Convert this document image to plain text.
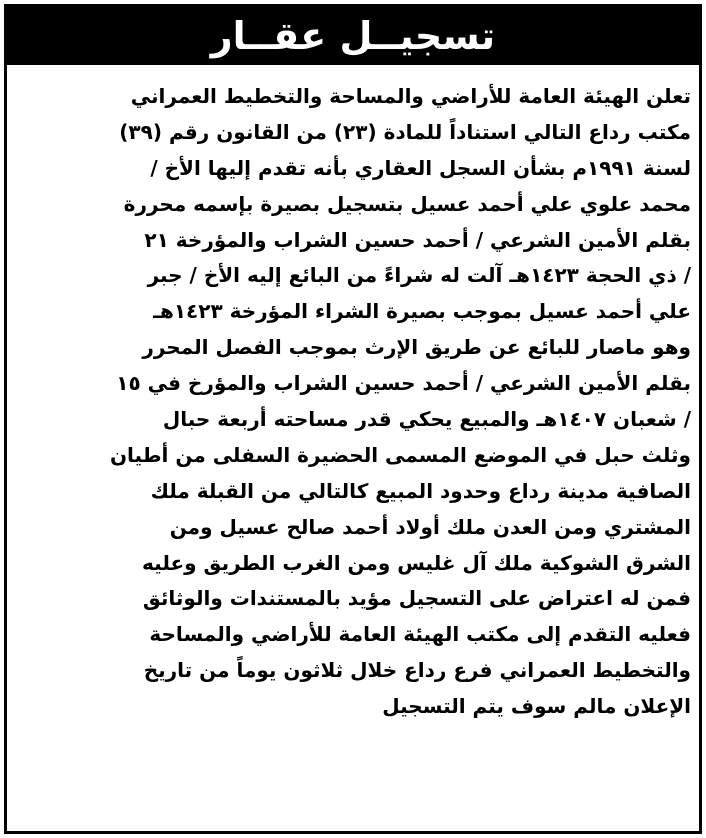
تسجيــل عقــار
تعلن الهيئة العامة للأراضي والمساحة والتخطيط العمراني
مكتب رداع التالي استناداً للمادة (٢٣) من القانون رقم (٣٩)
لسنة ١٩٩١م بشأن السجل العقاري بأنه تقدم إليها الأخ /
محمد علوي علي أحمد عسيل بتسجيل بصيرة بإسمه محررة
بقلم الأمين الشرعي / أحمد حسين الشراب والمؤرخة ٢١
/ ذي الحجة ١٤٢٣هـ آلت له شراءً من البائع إليه الأخ / جبر
علي أحمد عسيل بموجب بصيرة الشراء المؤرخة ١٤٢٣هـ
وهو ماصار للبائع عن طريق الإرث بموجب الفصل المحرر
بقلم الأمين الشرعي / أحمد حسين الشراب والمؤرخ في ١٥
/ شعبان ١٤٠٧هـ والمبيع يحكي قدر مساحته أربعة حبال
وثلث حبل في الموضع المسمى الحضيرة السفلى من أطيان
الصافية مدينة رداع وحدود المبيع كالتالي من القبلة ملك
المشتري ومن العدن ملك أولاد أحمد صالح عسيل ومن
الشرق الشوكية ملك آل غليس ومن الغرب الطريق وعليه
فمن له اعتراض على التسجيل مؤيد بالمستندات والوثائق
فعليه التقدم إلى مكتب الهيئة العامة للأراضي والمساحة
والتخطيط العمراني فرع رداع خلال ثلاثون يوماً من تاريخ
الإعلان مالم سوف يتم التسجيل
